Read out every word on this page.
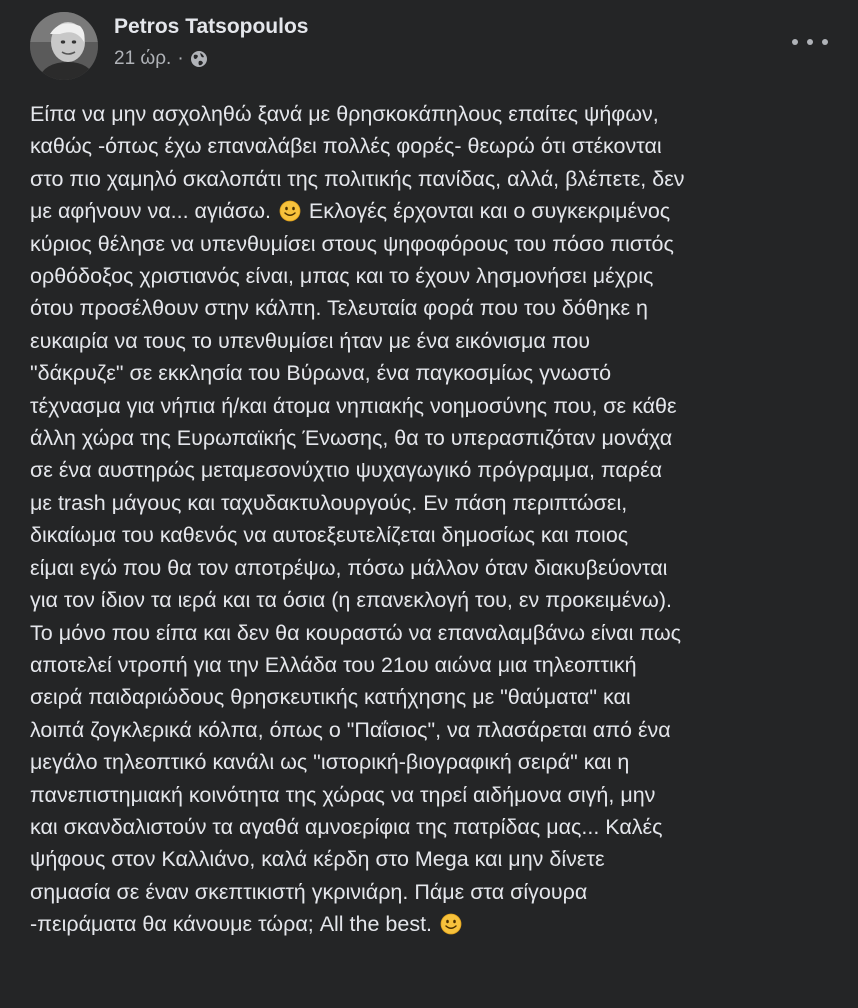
Petros Tatsopoulos
21 ώρ. ·
Είπα να μην ασχοληθώ ξανά με θρησκοκάπηλους επαίτες ψήφων,
καθώς -όπως έχω επαναλάβει πολλές φορές- θεωρώ ότι στέκονται
στο πιο χαμηλό σκαλοπάτι της πολιτικής πανίδας, αλλά, βλέπετε, δεν
με αφήνουν να... αγιάσω. Εκλογές έρχονται και ο συγκεκριμένος
κύριος θέλησε να υπενθυμίσει στους ψηφοφόρους του πόσο πιστός
ορθόδοξος χριστιανός είναι, μπας και το έχουν λησμονήσει μέχρις
ότου προσέλθουν στην κάλπη. Τελευταία φορά που του δόθηκε η
ευκαιρία να τους το υπενθυμίσει ήταν με ένα εικόνισμα που
"δάκρυζε" σε εκκλησία του Βύρωνα, ένα παγκοσμίως γνωστό
τέχνασμα για νήπια ή/και άτομα νηπιακής νοημοσύνης που, σε κάθε
άλλη χώρα της Ευρωπαϊκής Ένωσης, θα το υπερασπιζόταν μονάχα
σε ένα αυστηρώς μεταμεσονύχτιο ψυχαγωγικό πρόγραμμα, παρέα
με trash μάγους και ταχυδακτυλουργούς. Εν πάση περιπτώσει,
δικαίωμα του καθενός να αυτοεξευτελίζεται δημοσίως και ποιος
είμαι εγώ που θα τον αποτρέψω, πόσω μάλλον όταν διακυβεύονται
για τον ίδιον τα ιερά και τα όσια (η επανεκλογή του, εν προκειμένω).
Το μόνο που είπα και δεν θα κουραστώ να επαναλαμβάνω είναι πως
αποτελεί ντροπή για την Ελλάδα του 21ου αιώνα μια τηλεοπτική
σειρά παιδαριώδους θρησκευτικής κατήχησης με "θαύματα" και
λοιπά ζογκλερικά κόλπα, όπως ο "Παΐσιος", να πλασάρεται από ένα
μεγάλο τηλεοπτικό κανάλι ως "ιστορική-βιογραφική σειρά" και η
πανεπιστημιακή κοινότητα της χώρας να τηρεί αιδήμονα σιγή, μην
και σκανδαλιστούν τα αγαθά αμνοερίφια της πατρίδας μας... Καλές
ψήφους στον Καλλιάνο, καλά κέρδη στο Mega και μην δίνετε
σημασία σε έναν σκεπτικιστή γκρινιάρη. Πάμε στα σίγουρα
-πειράματα θα κάνουμε τώρα; All the best.
